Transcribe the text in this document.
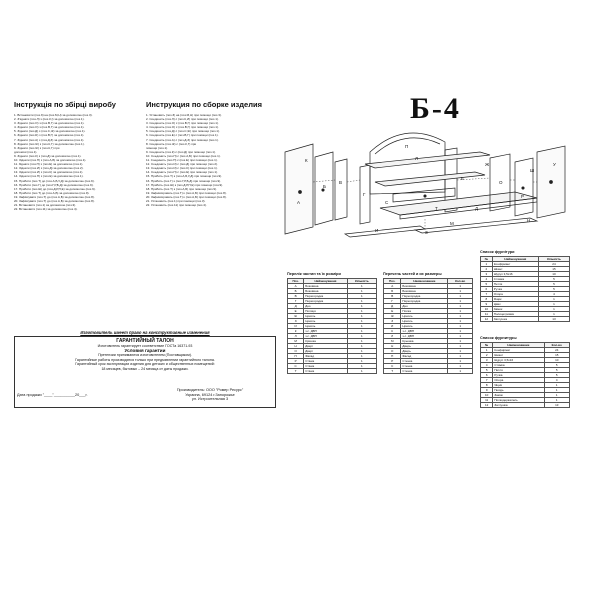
Інструкція по збірці виробу
1. Встановити (поз.З) на (поз.М,Н) за допомогою (поз.3).
2. З'єднати (поз.Л) з (поз.К,І) за допомогою (поз.1).
3. Зіднати (поз.О) з (поз.В,Г) за допомогою (поз.1).
4. Зіднати (поз.О) з (поз.В,Г) за допомогою (поз.1).
5. Зіднати (поз.Д) з (поз.С,Ж) за допомогою (поз.1).
6. Зіднати (поз.Є) з (поз.В,Г) за допомогою (поз.1).
7. Зіднати (поз.А) з (поз.Д,З) за допомогою (поз.1).
8. Зіднати (поз.Ж) з (поз.К,Г) за допомогою (поз.1).
9. Зіднати (поз.Ж) з (поз.К,Г) при
допомозі (поз.1).
9. Зіднати (поз.К) з (поз.Д) за допомогою (поз.1).
10. Зіднати (поз.П) з (поз.А,Б) за допомогою (поз.1).
11. Зіднати (поз.П) з (поз.Е) за допомогою (поз.1).
12. Зіднати (поз.И) з (поз.Д) за допомогою (поз.2).
13. Зіднати (поз.И) з (поз.К) за допомогою (поз.1).
14. Зіднати (поз.П) з (поз.Е) за допомогою (поз.1).
15. Прибити (поз.Т) до (поз.А,Б,У,Д) за допомогою (поз.9).
16. Прибити (поз.Г) до (поз.Г,Р,Б,Д) за допомогою (поз.9).
17. Прибити (поз.Ш) до (поз.Д,Р,П,Е) за допомогою (поз.9).
18. Прибити (поз.Т) до (поз.А,Б) за допомогою (поз.9).
19. Зафіксувати (поз.Т) до (поз.А,Б) за допомогою (поз.8).
20. Зафіксувати (поз.Т) до (поз.А,Б) за допомогою (поз.8).
21. Встановити (поз.1) за допомогою (поз.3).
22. Встановити (поз.11) за допомогою (поз.4).
Инструкция по сборке изделия
1. Установить (поз.З) на (поз.М,Н) при помощи (поз.3).
2. Соединить (поз.Л) с (поз.К,И) при помощи (поз.1).
3. Соединить (поз.О) с (поз.В,Г) при помощи (поз.1).
4. Соединить (поз.О) с (поз.В,Г) при помощи (поз.1).
5. Соединить (поз.Д) с (поз.С,Ж) при помощи (поз.1).
6. Соединить (поз.Е) с (поз.В,Г) при помощи (поз.1).
7. Соединить (поз.А) с (поз.Д,З) при помощи (поз.1).
8. Соединить (поз.Ж) с (поз.К,Г) при
помощи (поз.1).
9. Соединить (поз.К) с (поз.Д) при помощи (поз.1).
10. Соединить (поз.П) с (поз.А,Б) при помощи (поз.1).
11. Соединить (поз.П) с (поз.Е) при помощи (поз.1).
12. Соединить (поз.И) с (поз.Д) при помощи (поз.2).
13. Соединить (поз.И) с (поз.К) при помощи (поз.1).
14. Соединить (поз.П) с (поз.Е) при помощи (поз.1).
15. Прибить (поз.Т) к (поз.А,Б,У,Д) при помощи (поз.9).
16. Прибить (поз.Г) к (поз.Г,Р,Б,Д) при помощи (поз.9).
17. Прибить (поз.Ш) к (поз.Д,Р,П,Е) при помощи (поз.9).
18. Прибить (поз.Т) к (поз.А,Б) при помощи (поз.9).
19. Зафиксировать (поз.Т) к (поз.А,Б) при помощи (поз.8).
20. Зафиксировать (поз.Т) к (поз.А,Б) при помощи (поз.8).
21. Установить (поз.1) при помощи (поз.3).
22. Установить (поз.11) при помощи (поз.4).
Б-4
А
Б
В
Г
Д
Е
Ж
З
И
К	Л
М
Н
О
П
Р
С
Т
У
Ш
Перелік частин та їх розміри
Поз.	Найменування	Кількість
А	Боковина	1
Б	Боковина	1
В	Перегородка	1
Г	Перегородка	1
Д	Дно	1
Е	Полиця	1
Ж	Цоколь	1
З	Цоколь	1
И	Цоколь	1
К	з.с. ДВП	1
Л	з.с. ДВП	1
М	Кришка	1
Н	Двері	1
О	Двері	1
П	Фасад	1
Р	Стінка	1
С	Стінка	1
Т	Стінка	1
Перечень частей и их размеры
Поз.	Наименование	Кол-во
А	Боковина	1
Б	Боковина	1
В	Перегородка	1
Г	Перегородка	1
Д	Дно	1
Е	Полка	1
Ж	Цоколь	1
З	Цоколь	1
И	Цоколь	1
К	з.с. ДВП	1
Л	з.с. ДВП	1
М	Крышка	1
Н	Дверь	1
О	Дверь	1
П	Фасад	1
Р	Стенка	1
С	Стенка	1
Т	Стенка	1
Список фурнітури
№	Найменування	Кількість
1	Конфірмант	24
2	Шкант	15
3	Шуруп 3,5х16	10
4	Стяжка	5
5	Петля	5
6	Ручка	5
7	Опора	4
8	Ящик	1
9	Цвях	1
10	Замок	1
11	Полицетримач	1
12	Заглушка	13
Список фурнитуры
№	Наименование	Кол-во
1	Конфирмат	24
2	Шкант	15
3	Шуруп 3,5х16	10
4	Стяжка	5
5	Петля	5
6	Ручка	5
7	Опора	4
8	Ящик	1
9	Гвоздь	1
10	Замок	1
11	Полкодержатель	1
12	Заглушка	13
Изготовитель имеет право на конструктивные изменения
ГАРАНТИЙНЫЙ ТАЛОН
Изготовитель гарантирует соответствие ГОСТа 16371-93
Условия гарантии
Претензии принимаются изготовителем (Поставщиком).
Гарантийные работы производятся только при предъявлении гарантийного талона.
Гарантийный срок эксплуатации изделия для детских и общественных помещений:
18 месяцев, бытовых – 24 месяца от даты продажи.
Дата продажи "____"__________20___г.
Производитель: ООО "Ромер Ресурс"
Украина, 69124 г.Запорожье
ул. Истроительная 3
